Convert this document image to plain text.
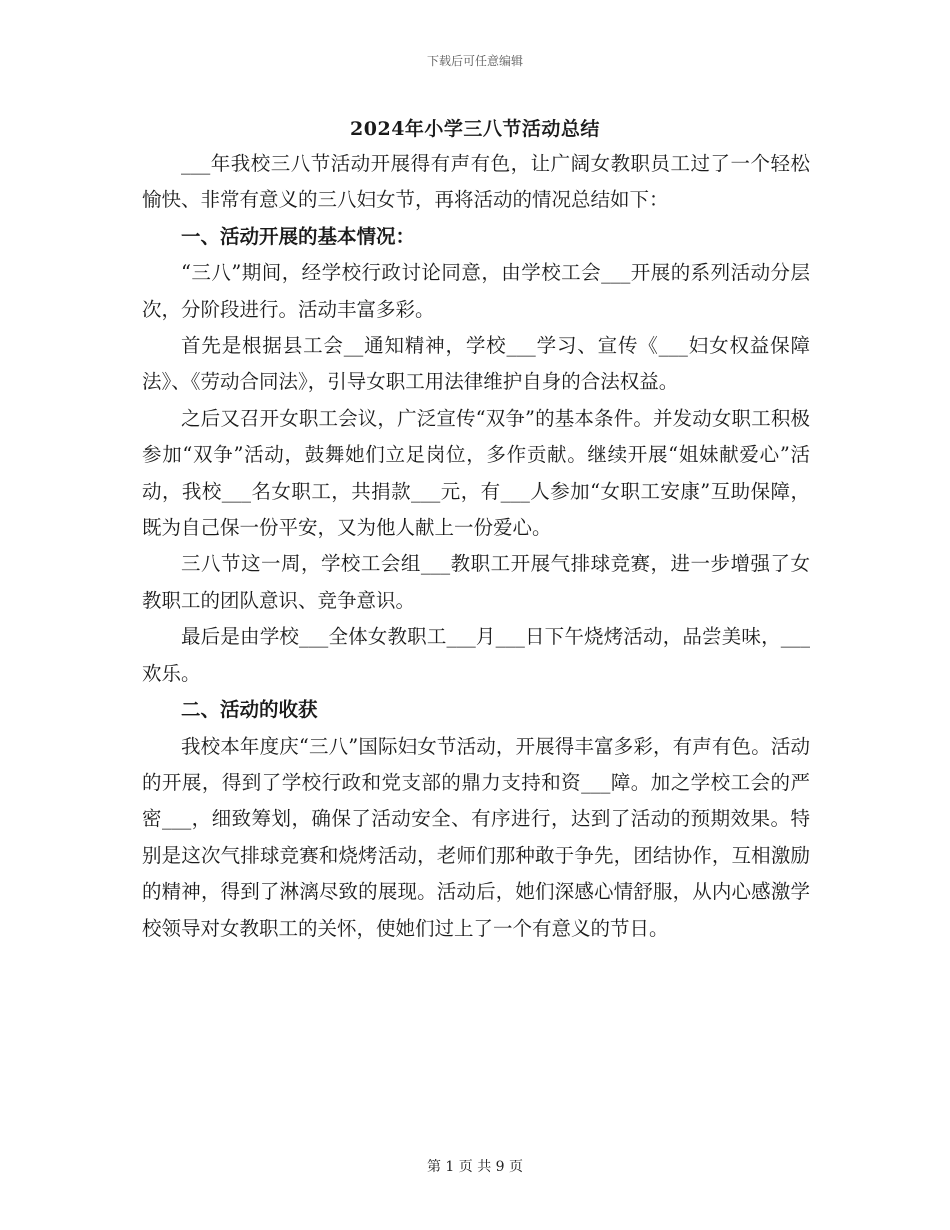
下载后可任意编辑
2024年小学三八节活动总结

___年我校三八节活动开展得有声有色，让广阔女教职员工过了一个轻松愉快、非常有意义的三八妇女节，再将活动的情况总结如下：

一、活动开展的基本情况：

“三八”期间，经学校行政讨论同意，由学校工会___开展的系列活动分层次，分阶段进行。活动丰富多彩。

首先是根据县工会__通知精神，学校___学习、宣传《___妇女权益保障法》、《劳动合同法》，引导女职工用法律维护自身的合法权益。

之后又召开女职工会议，广泛宣传“双争”的基本条件。并发动女职工积极参加“双争”活动，鼓舞她们立足岗位，多作贡献。继续开展“姐妹献爱心”活动，我校___名女职工，共捐款___元，有___人参加“女职工安康”互助保障，既为自己保一份平安，又为他人献上一份爱心。

三八节这一周，学校工会组___教职工开展气排球竞赛，进一步增强了女教职工的团队意识、竞争意识。

最后是由学校___全体女教职工___月___日下午烧烤活动，品尝美味，___欢乐。

二、活动的收获

我校本年度庆“三八”国际妇女节活动，开展得丰富多彩，有声有色。活动的开展，得到了学校行政和党支部的鼎力支持和资___障。加之学校工会的严密___，细致筹划，确保了活动安全、有序进行，达到了活动的预期效果。特别是这次气排球竞赛和烧烤活动，老师们那种敢于争先，团结协作，互相激励的精神，得到了淋漓尽致的展现。活动后，她们深感心情舒服，从内心感激学校领导对女教职工的关怀，使她们过上了一个有意义的节日。

第 1 页 共 9 页
